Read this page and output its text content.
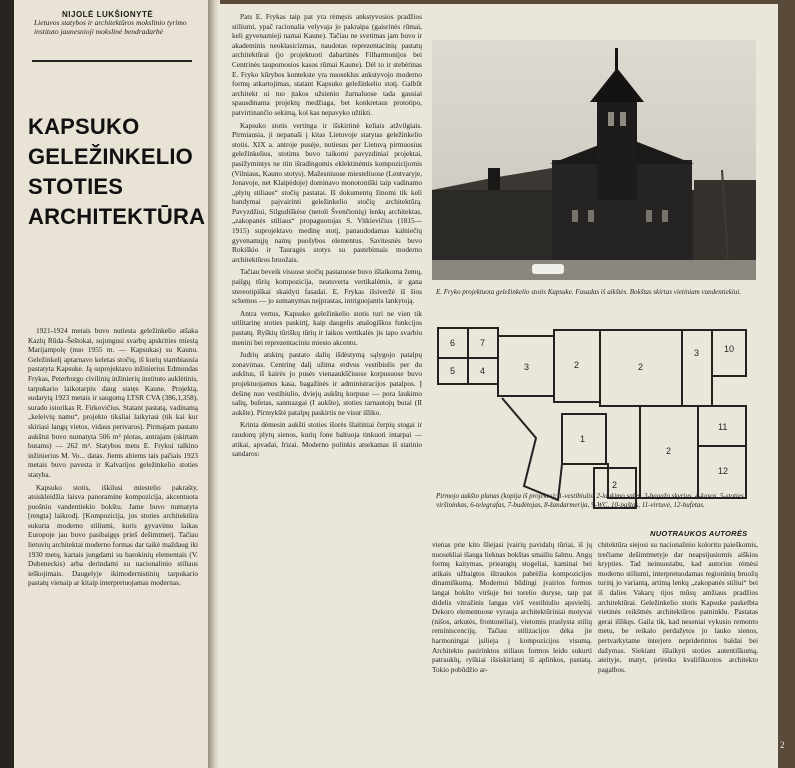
NIJOLĖ LUKŠIONYTĖ
Lietuvos statybos ir architektūros mokslinio tyrimo instituto jaunesnioji mokslinė bendradarbė
KAPSUKO
GELEŽINKELIO
STOTIES
ARCHITEKTŪRA

1921-1924 metais buvo nutiesta geležinkelio atšaka Kazlų Rūda–Šeštokai, sujungusi svarbų apskrities miestą Marijampolę (nuo 1955 m. — Kapsukas) su Kaunu. Geležinkelį aptarnavo keletas stočių, iš kurių stambiausia pastatyta Kapsuke. Ją suprojektavo inžinierius Edmundas Frykas, Peterburgo civilinių inžinierių instituto auklėtinis, tarpukario laikotarpiu daug statęs Kaune. Projektą, sudarytą 1923 metais ir saugomą LTSR CVA (386,1,358), surado istorikas R. Firkovičius. Statant pastatą, vadinamą „keleivių namu“, projekto tiksliai laikytasi (tik kai kur skiriasi langų vietos, vidaus pertvaros). Pirmajam pastato aukštui buvo numatyta 506 m² plotas, antrajam (skirtam butams) — 262 m². Statybos metu E. Frykui talkino inžinierius M. Vo... datas. Jiems abiems tais pačiais 1923 metais buvo pavesta ir Kalvarijos geležinkelio stoties statyba.

Kapsuko stotis, iškilusi miestelio pakrašty, atsiskleidžia laisva panoramine kompozicija, akcentuota puošniu vandentiekio bokštu. Jame buvo numatyta [rengta] laikrodį. [Kompozicija, jos stoties architektūra sukurta moderno stiliumi, kuris gyvavimo laikas Europoje jau buvo pasibaigęs prieš dešimtmetį. Tačiau lietuvių architektai moderno formas dar taikė maždaug iki 1930 metų, kartais jungdami su barokinių elementais (V. Dubeneckis) arba derindami su nacionalinio stiliaus ieškojimais. Daugelyje ikimodernistinių tarpukario pastatų vienaip ar kitaip interpretuojamas modernas.

Pats E. Frykas taip pat yra rėmęsis ankstyvosios pradžios stiliumi, ypač racionalia velyvaja jo pakraipa (gaisrinės rūmai, keli gyvenamieji namai Kaune). Tačiau ne svetimas jam buvo ir akademinis neoklasicizmas, naudotas reprezentacinių pastatų architektūrai (jo projektuoti dabartinės Filharmonijos bei Centrinės taupomosios kasos rūmai Kaune). Dėl to ir stebėtinas E. Fryko kūrybos kontekste yra nuoseklus ankstyvojo moderno formų atkartojimas, statant Kapsuko geležinkelio stotį. Galbūt architekt ui tuo įtakos užsienio žurnaluose tada gausiai spausdinama projektų medžiaga, bet konkretaus prototipo, patvirtinančio sekimą, kol kas nepavyko užtikti.

Kapsuko stotis vertinga ir išskirtinė keliais atžvilgiais. Pirmiausia, ji nepanaši į kitas Lietuvoje statytas geležinkelio stotis. XIX a. antroje pusėje, nutiesus per Lietuvą pirmuosius geležinkelius, stotims buvo taikomi pavyzdiniai projektai, pasižymintys ne itin išradingomis eklektinėmis kompozicijomis (Vilniaus, Kauno stotys). Mažesniuose miesteliuose (Lentvaryje, Jonavoje, net Klaipėdoje) dominavo monotoniški taip vadinamo „plytų stiliaus“ stočių pastatai. Iš dokumentų žinomi tik keli bandymai pajvairinti geležinkelio stočių architektūrą. Pavyzdžiui, Silgudiškėse (netoli Švenčionių) lenkų architektas, „zakopanės stiliaus“ propaguotojas S. Vitkievičius (1815—1915) suprojektavo medinę stotį, panaudodamas kalniečių gyvenamųjų namų puošybos elementus. Savitesnės buvo Rokiškio ir Tauragės stotys su pastebimais moderno architektūros bruožais.

Tačiau beveik visuose stočių pastatuose buvo išlaikoma žemų, pailgų tūrių kompozicija, neatsverta vertikalėmis, ir gana stereotipiškai skaidyti fasadai. E. Frykas išsiveržė iš šios schemos — jo sumanymas neįprastas, intriguojantis lankytoją.

Antra vertus, Kapsuko geležinkelio stotis turi ne vien tik utilitarinę stoties paskirtį, kaip daugelis analogiškos funkcijos pastatų. Ryškių tūriškų tūrių ir laikos vertikalės jis tapo svarbiu menini bei reprezentaciniu miesto akcentu.

Judrių atskirų pastato dalių išdėstymą sąlygojo patalpų zonavimas. Centrinę dalį užima erdvus vestibiulis per du aukštus, iš kairės jo pusės vienaaukščiuose korpusuose buvo projektuojamos kasa, bagažinės ir administracijos patalpos. Į dešinę nuo vestibiulio, dviejų aukštų korpuse — pora laukimo salių, bufetas, sanmazgai (I aukšte), stoties tarnautojų butai (II aukšte). Pirmykštė patalpų paskirtis ne visur išliko.

Krinta dėmesin aukšti stoties išorės šlaitiniai čerpių stogai ir raudonų plytų sienos, kurių fone baltuoja tinkuoti intarpai — atikai, apvadai, frizai. Moderno polinkis atsekamas iš statinio sandaros:

E. Fryko projektuota geležinkelio stotis Kapsuke. Fasadas iš aikštės. Bokštas skirtas vietiniam vandentiekiui.
6	7
5	4	3	2	2
3	10
2
11
12
1
2
Pirmojo aukšto planas (kopija iš projekto): 1-vestibiulis, 2-laukimo salės, 3-bagažo skyrius, 4-kasos, 5-stoties viršininkas, 6-telegrafas, 7-budėtojas, 8-žandarmerija, 9-WC, 10-paštas, 11-virtuvė, 12-bufetas.
NUOTRAUKOS AUTORĖS

vienas prie kito šliejasi įvairių pavidalų tūriai, iš jų nuosekliai išauga lieknas bokštas smailiu šalmu. Angų formų kaitymas, prieangių stogeliai, kaminai bei atikais užbaigtos ištraukos pabrėžia kompozicijos dinamiškumą. Modernui būdingi įvairios formos langai bokšto viršuje bei torelio duryse, taip pat didelis vitražinis langas virš vestibiulio apsvieštį. Dekoro elementuose vyrauja architektūriniai motyvai (nišos, arkutės, frontonėliai), vietomis praslysta stilių reminiscencijų. Tačiau stilizacijos dėka jie harmoningai įsilieja į kompozicijos visumą. Architekto pasirinktos stiliaus formos leido sukurti patrauklų, ryškiai išsiskiriantį iš aplinkos, pastatą. Tokio pobūdžio ar-

chitektūra siejosi su nacionalinio koloritu paieškomis, trečiame dešimtmetyje dar neapsijusiomis aiškios krypties. Tad neinuostabu, kad autorius rėmėsi moderno stiliumi, interpretuodamas regioninių bruožų turinį jo variantą, artimą lenkų „zakopanės stiliui“ bei iš dalies Vakarų tijos mūsų amžiaus pradžios architektūrai. Geležinkelio stotis Kapsuke paskelbta vietinės reikšmės architektūros paminklu. Pastatas gerai išlikęs. Gaila tik, kad neseniai vykusio remonto metu, be reikalo perdažytos jo lauko sienos, pertvarkytame interjere nepriderintos baldai bei dažymas. Siekiant išlaikyti stoties autentiškumą, ateityje, matyt, prireiks kvalifikuotos architekto pagalbos.

2
